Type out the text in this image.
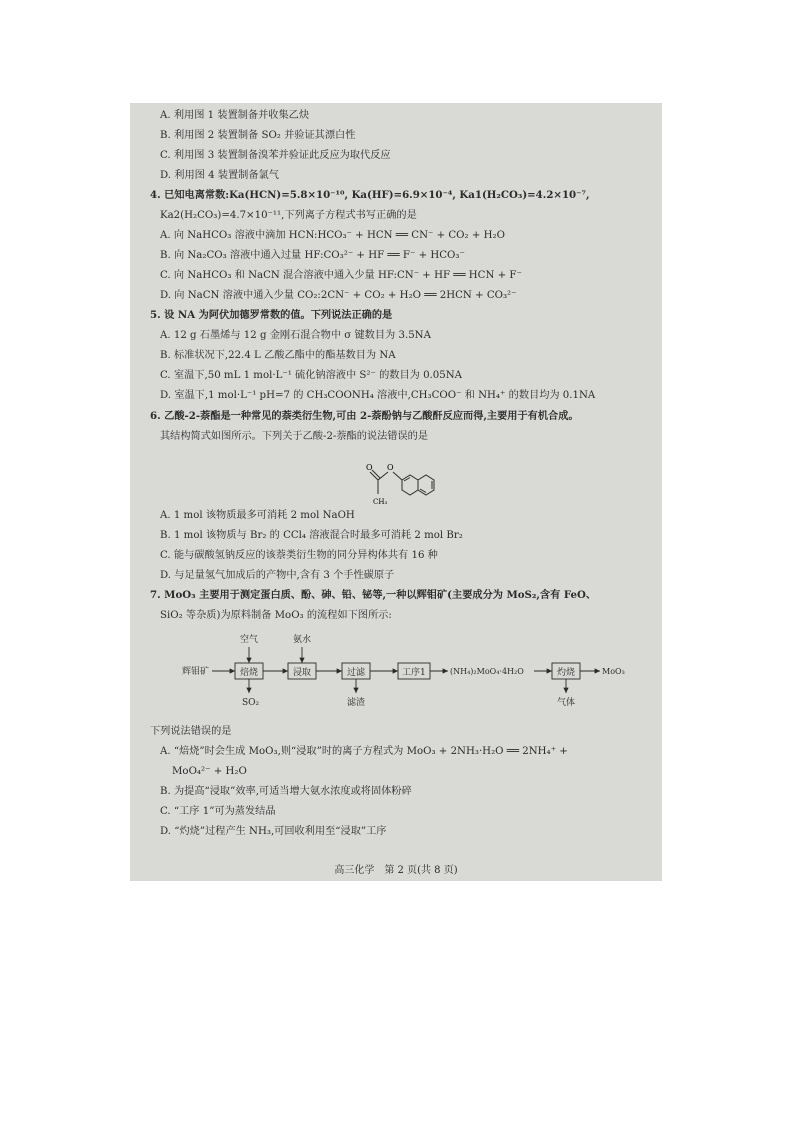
A. 利用图 1 装置制备并收集乙炔
B. 利用图 2 装置制备 SO₂ 并验证其漂白性
C. 利用图 3 装置制备溴苯并验证此反应为取代反应
D. 利用图 4 装置制备氯气
4. 已知电离常数:Ka(HCN)=5.8×10⁻¹⁰, Ka(HF)=6.9×10⁻⁴, Ka1(H₂CO₃)=4.2×10⁻⁷,
Ka2(H₂CO₃)=4.7×10⁻¹¹,下列离子方程式书写正确的是
A. 向 NaHCO₃ 溶液中滴加 HCN:HCO₃⁻ + HCN ══ CN⁻ + CO₂ + H₂O
B. 向 Na₂CO₃ 溶液中通入过量 HF:CO₃²⁻ + HF ══ F⁻ + HCO₃⁻
C. 向 NaHCO₃ 和 NaCN 混合溶液中通入少量 HF:CN⁻ + HF ══ HCN + F⁻
D. 向 NaCN 溶液中通入少量 CO₂:2CN⁻ + CO₂ + H₂O ══ 2HCN + CO₃²⁻
5. 设 NA 为阿伏加德罗常数的值。下列说法正确的是
A. 12 g 石墨烯与 12 g 金刚石混合物中 σ 键数目为 3.5NA
B. 标准状况下,22.4 L 乙酸乙酯中的酯基数目为 NA
C. 室温下,50 mL 1 mol·L⁻¹ 硫化钠溶液中 S²⁻ 的数目为 0.05NA
D. 室温下,1 mol·L⁻¹ pH=7 的 CH₃COONH₄ 溶液中,CH₃COO⁻ 和 NH₄⁺ 的数目均为 0.1NA
6. 乙酸-2-萘酯是一种常见的萘类衍生物,可由 2-萘酚钠与乙酸酐反应而得,主要用于有机合成。
其结构简式如图所示。下列关于乙酸-2-萘酯的说法错误的是
O O
CH₃
A. 1 mol 该物质最多可消耗 2 mol NaOH
B. 1 mol 该物质与 Br₂ 的 CCl₄ 溶液混合时最多可消耗 2 mol Br₂
C. 能与碳酸氢钠反应的该萘类衍生物的同分异构体共有 16 种
D. 与足量氢气加成后的产物中,含有 3 个手性碳原子
7. MoO₃ 主要用于测定蛋白质、酚、砷、铅、铋等,一种以辉钼矿(主要成分为 MoS₂,含有 FeO、
SiO₂ 等杂质)为原料制备 MoO₃ 的流程如下图所示:
辉钼矿
空气	氨水
焙烧	浸取	过滤	工序1	(NH₄)₂MoO₄·4H₂O	灼烧	MoO₃
SO₂	滤渣	气体
下列说法错误的是
A. “焙烧”时会生成 MoO₃,则“浸取”时的离子方程式为 MoO₃ + 2NH₃·H₂O ══ 2NH₄⁺ +
MoO₄²⁻ + H₂O
B. 为提高“浸取”效率,可适当增大氨水浓度或将固体粉碎
C. “工序 1”可为蒸发结晶
D. “灼烧”过程产生 NH₃,可回收利用至“浸取”工序
高三化学　第 2 页(共 8 页)
